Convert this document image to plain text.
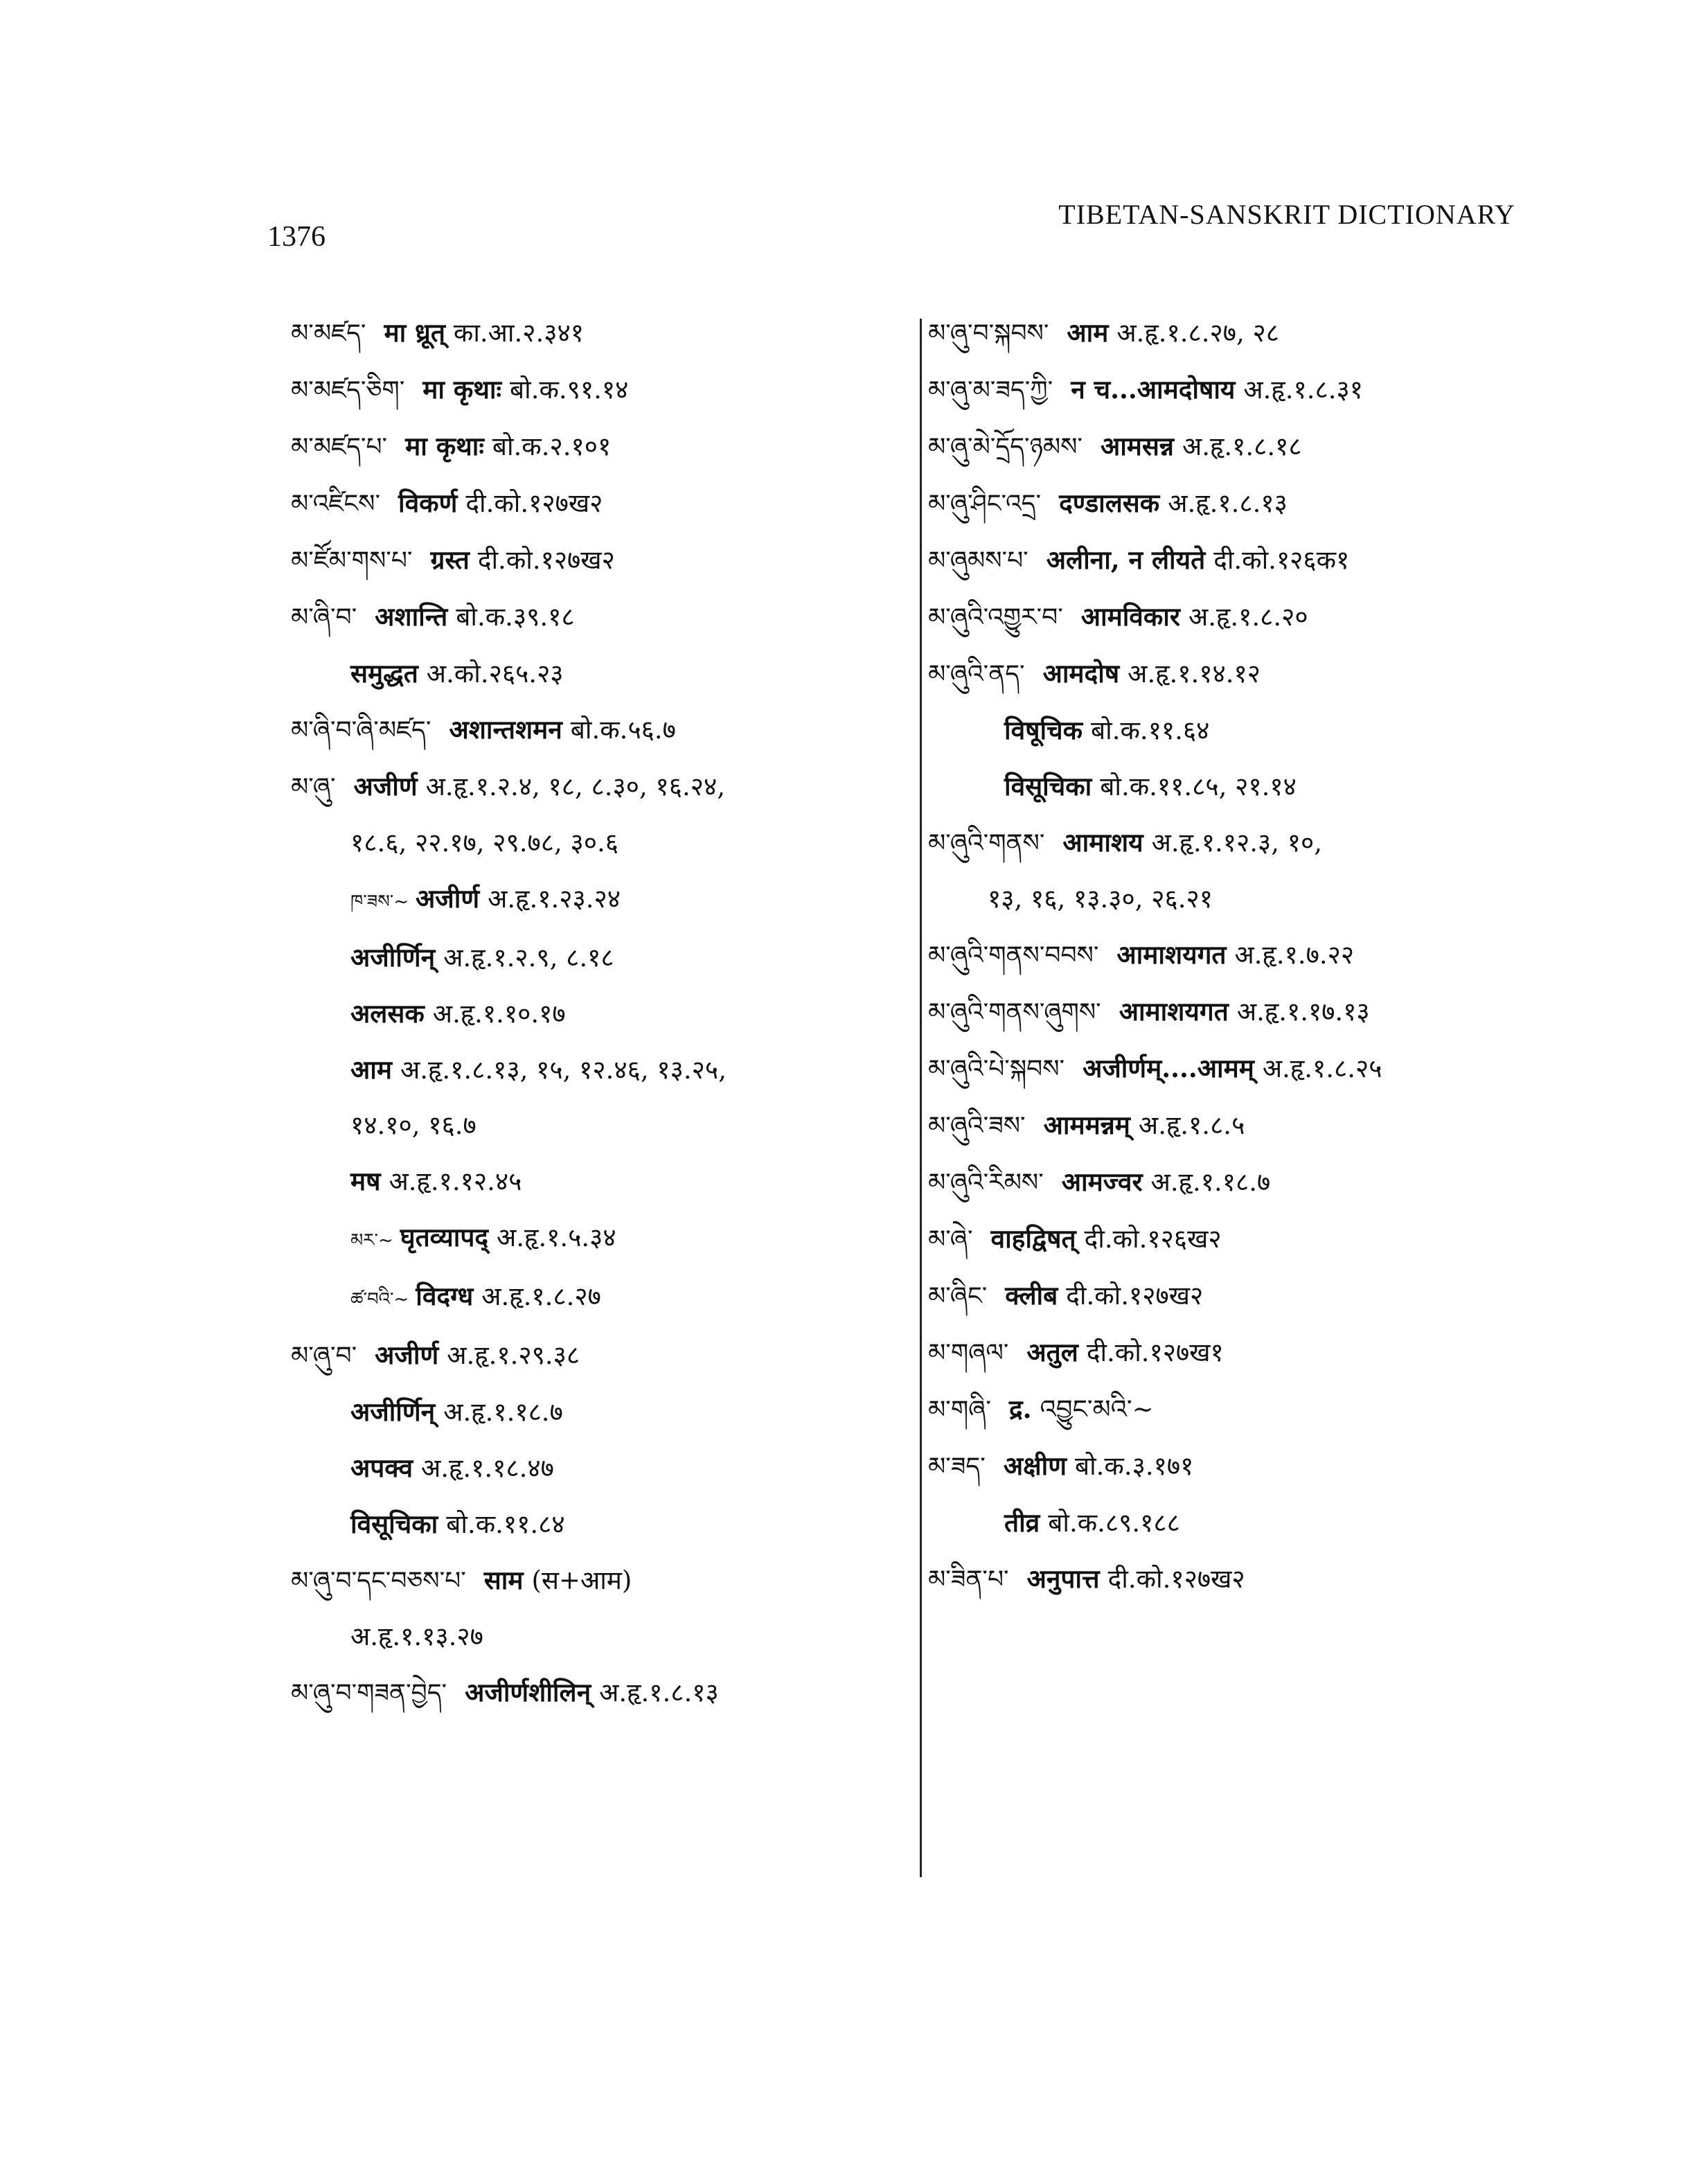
1376
TIBETAN-SANSKRIT DICTIONARY
མ་མཛད་ मा ध्रूत् का.आ.२.३४१
མ་མཛད་ཅིག་ मा कृथाः बो.क.९१.१४
མ་མཛད་པ་ मा कृथाः बो.क.२.१०१
མ་འཛིངས་ विकर्ण दी.को.१२७ख२
མ་ཛོམ་གས་པ་ ग्रस्त दी.को.१२७ख२
མ་ཞི་བ་ अशान्ति बो.क.३९.१८
समुद्धत अ.को.२६५.२३
མ་ཞི་བ་ཞི་མཛད་ अशान्तशमन बो.क.५६.७
མ་ཞུ་ अजीर्ण अ.हृ.१.२.४, १८, ८.३०, १६.२४,
१८.६, २२.१७, २९.७८, ३०.६
ཁ་ཟས་~ अजीर्ण अ.हृ.१.२३.२४
अजीर्णिन् अ.हृ.१.२.९, ८.१८
अलसक अ.हृ.१.१०.१७
आम अ.हृ.१.८.१३, १५, १२.४६, १३.२५,
१४.१०, १६.७
मष अ.हृ.१.१२.४५
མར་~ घृतव्यापद् अ.हृ.१.५.३४
ཚ་བའི་~ विदग्ध अ.हृ.१.८.२७
མ་ཞུ་བ་ अजीर्ण अ.हृ.१.२९.३८
अजीर्णिन् अ.हृ.१.१८.७
अपक्व अ.हृ.१.१८.४७
विसूचिका बो.क.११.८४
མ་ཞུ་བ་དང་བཅས་པ་ साम (स+आम)
अ.हृ.१.१३.२७
མ་ཞུ་བ་གཟན་བྱེད་ अजीर्णशीलिन् अ.हृ.१.८.१३
མ་ཞུ་བ་སྐབས་ आम अ.हृ.१.८.२७, २८
མ་ཞུ་མ་ཟད་ཀྱི་ न च...आमदोषाय अ.हृ.१.८.३१
མ་ཞུ་མེ་དྲོད་ཉམས་ आमसन्न अ.हृ.१.८.१८
མ་ཞུ་ཤིང་འདྲ་ दण्डालसक अ.हृ.१.८.१३
མ་ཞུམས་པ་ अलीना, न लीयते दी.को.१२६क१
མ་ཞུའི་འགྱུར་བ་ आमविकार अ.हृ.१.८.२०
མ་ཞུའི་ནད་ आमदोष अ.हृ.१.१४.१२
विषूचिक बो.क.११.६४
विसूचिका बो.क.११.८५, २१.१४
མ་ཞུའི་གནས་ आमाशय अ.हृ.१.१२.३, १०,
१३, १६, १३.३०, २६.२१
མ་ཞུའི་གནས་བབས་ आमाशयगत अ.हृ.१.७.२२
མ་ཞུའི་གནས་ཞུགས་ आमाशयगत अ.हृ.१.१७.१३
མ་ཞུའི་པེ་སྐབས་ अजीर्णम्....आमम् अ.हृ.१.८.२५
མ་ཞུའི་ཟས་ आममन्नम् अ.हृ.१.८.५
མ་ཞུའི་རིམས་ आमज्वर अ.हृ.१.१८.७
མ་ཞེ་ वाहद्विषत् दी.को.१२६ख२
མ་ཞིང་ क्लीब दी.को.१२७ख२
མ་གཞལ་ अतुल दी.को.१२७ख१
མ་གཞི་ द्र. འབྱུང་མའི་~
མ་ཟད་ अक्षीण बो.क.३.१७१
तीव्र बो.क.८९.१८८
མ་ཟིན་པ་ अनुपात्त दी.को.१२७ख२
